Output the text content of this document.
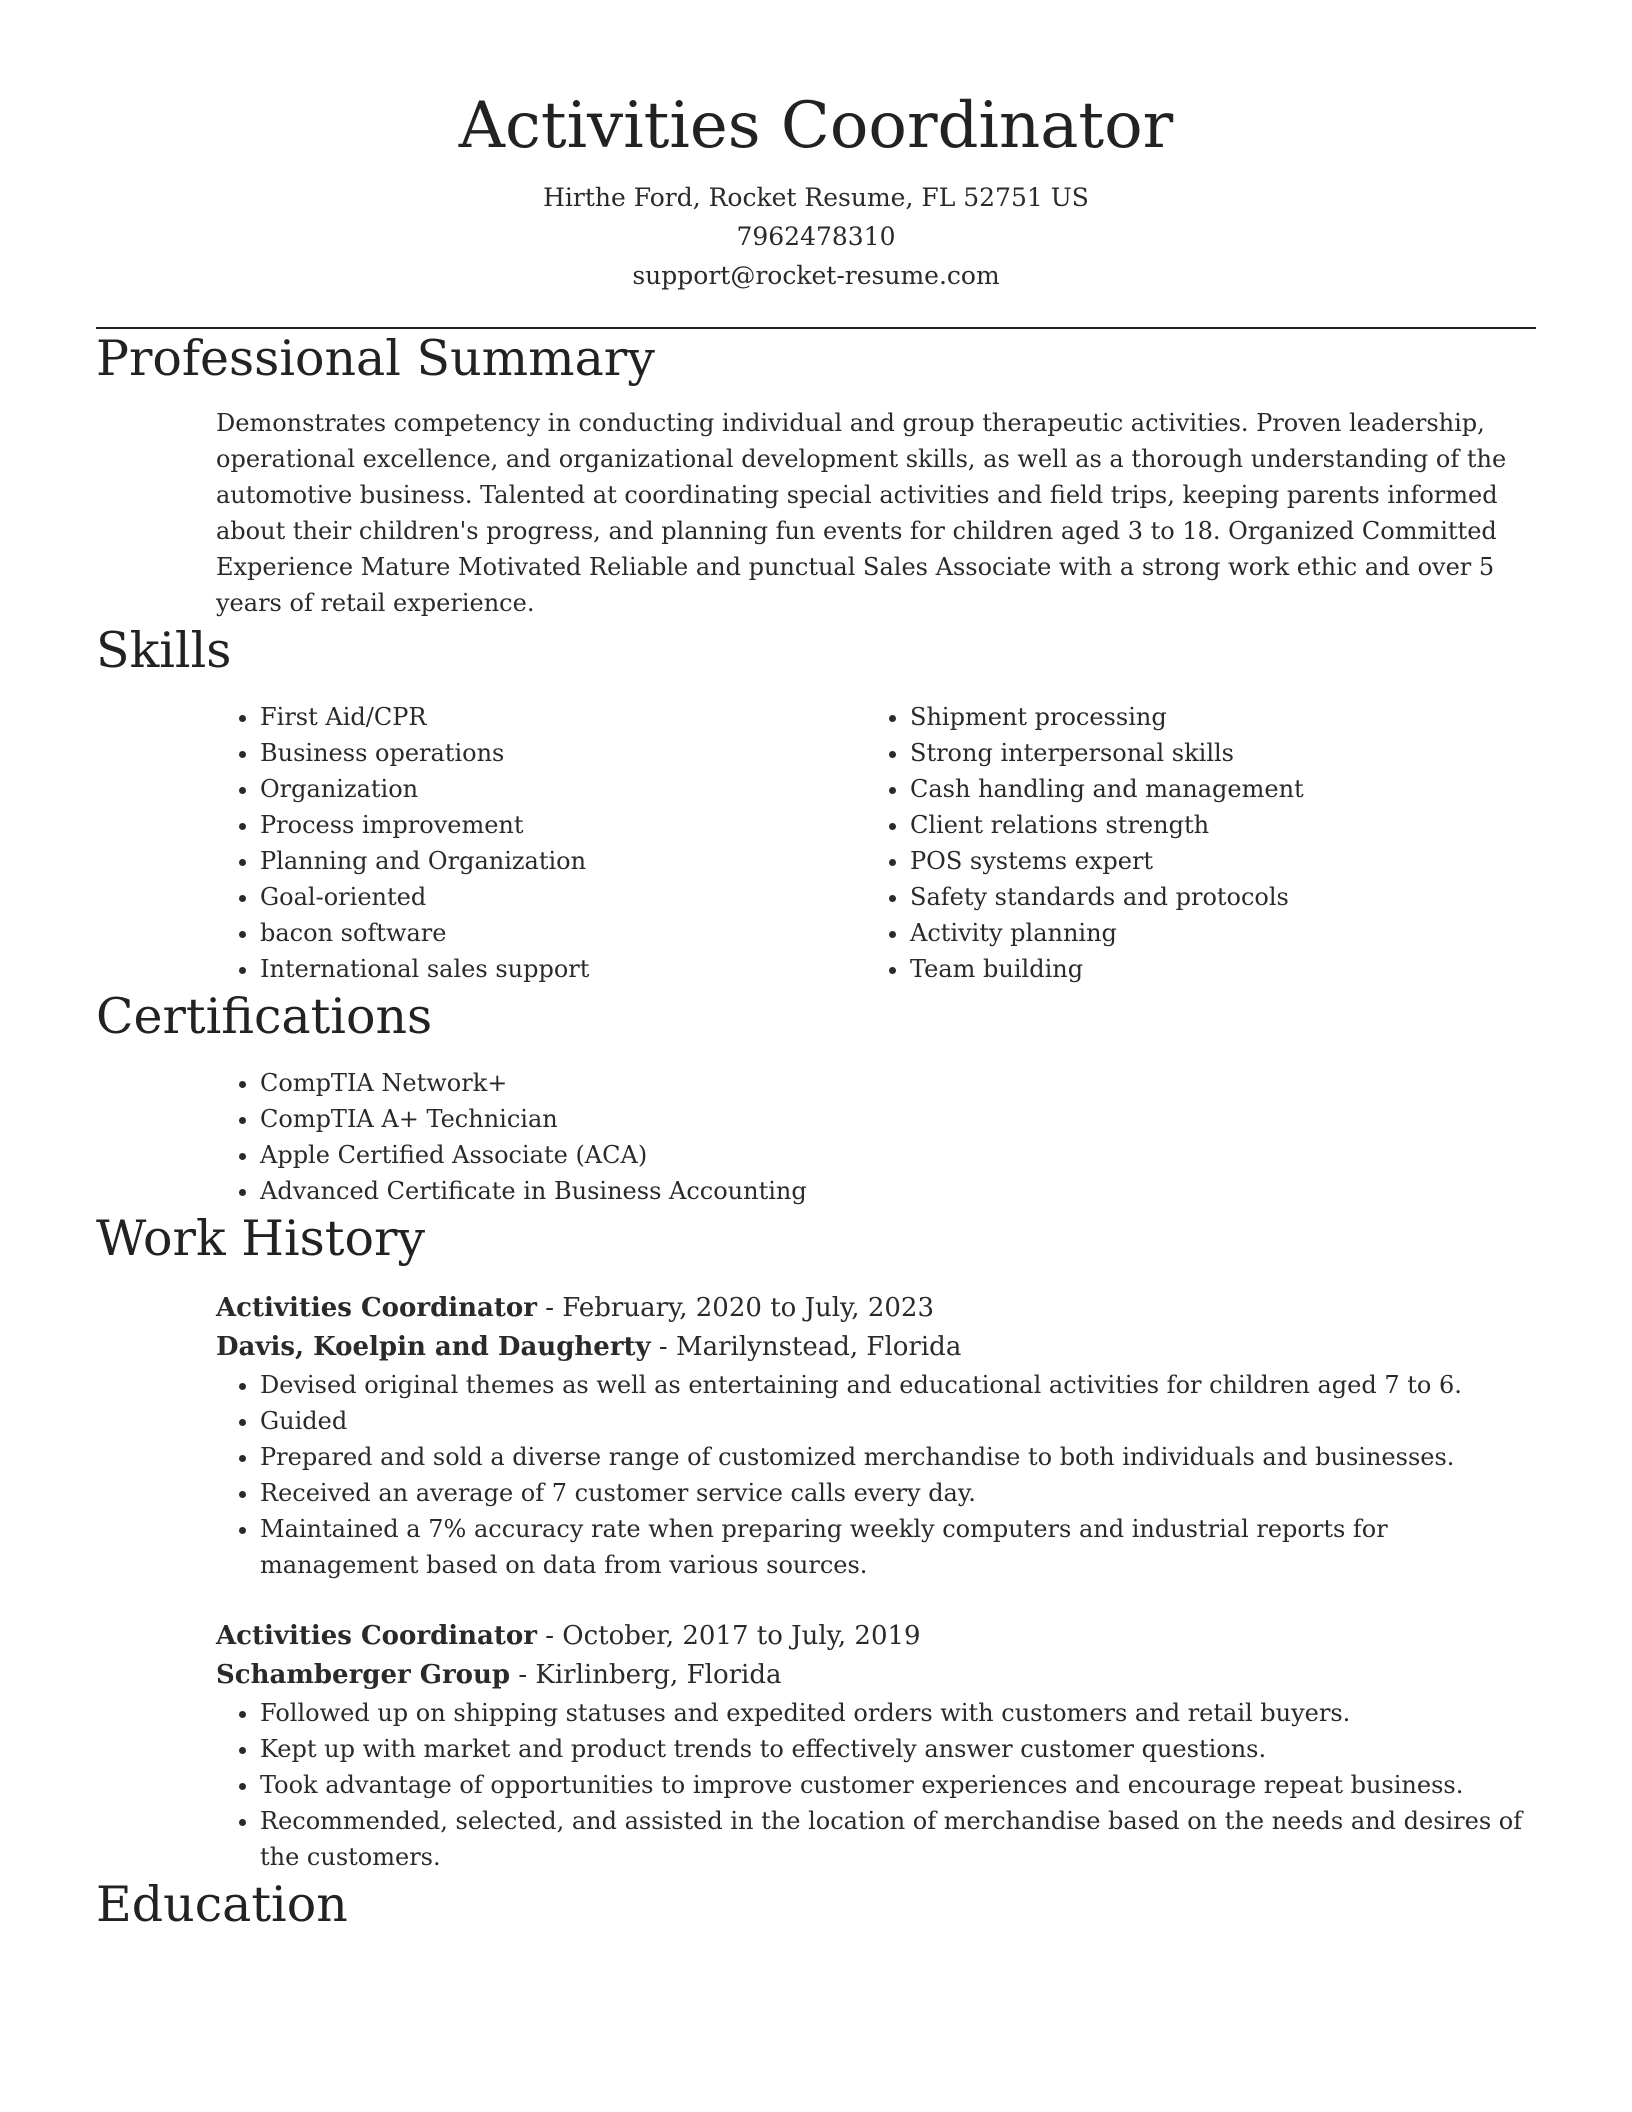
Activities Coordinator
Hirthe Ford, Rocket Resume, FL 52751 US
7962478310
support@rocket-resume.com
Professional Summary
Demonstrates competency in conducting individual and group therapeutic activities. Proven leadership, operational excellence, and organizational development skills, as well as a thorough understanding of the automotive business. Talented at coordinating special activities and field trips, keeping parents informed about their children's progress, and planning fun events for children aged 3 to 18. Organized Committed Experience Mature Motivated Reliable and punctual Sales Associate with a strong work ethic and over 5 years of retail experience.
Skills
• First Aid/CPR
• Business operations
• Organization
• Process improvement
• Planning and Organization
• Goal-oriented
• bacon software
• International sales support
• Shipment processing
• Strong interpersonal skills
• Cash handling and management
• Client relations strength
• POS systems expert
• Safety standards and protocols
• Activity planning
• Team building
Certifications
• CompTIA Network+
• CompTIA A+ Technician
• Apple Certified Associate (ACA)
• Advanced Certificate in Business Accounting
Work History
Activities Coordinator - February, 2020 to July, 2023
Davis, Koelpin and Daugherty - Marilynstead, Florida
• Devised original themes as well as entertaining and educational activities for children aged 7 to 6.
• Guided
• Prepared and sold a diverse range of customized merchandise to both individuals and businesses.
• Received an average of 7 customer service calls every day.
• Maintained a 7% accuracy rate when preparing weekly computers and industrial reports for management based on data from various sources.
Activities Coordinator - October, 2017 to July, 2019
Schamberger Group - Kirlinberg, Florida
• Followed up on shipping statuses and expedited orders with customers and retail buyers.
• Kept up with market and product trends to effectively answer customer questions.
• Took advantage of opportunities to improve customer experiences and encourage repeat business.
• Recommended, selected, and assisted in the location of merchandise based on the needs and desires of the customers.
Education
